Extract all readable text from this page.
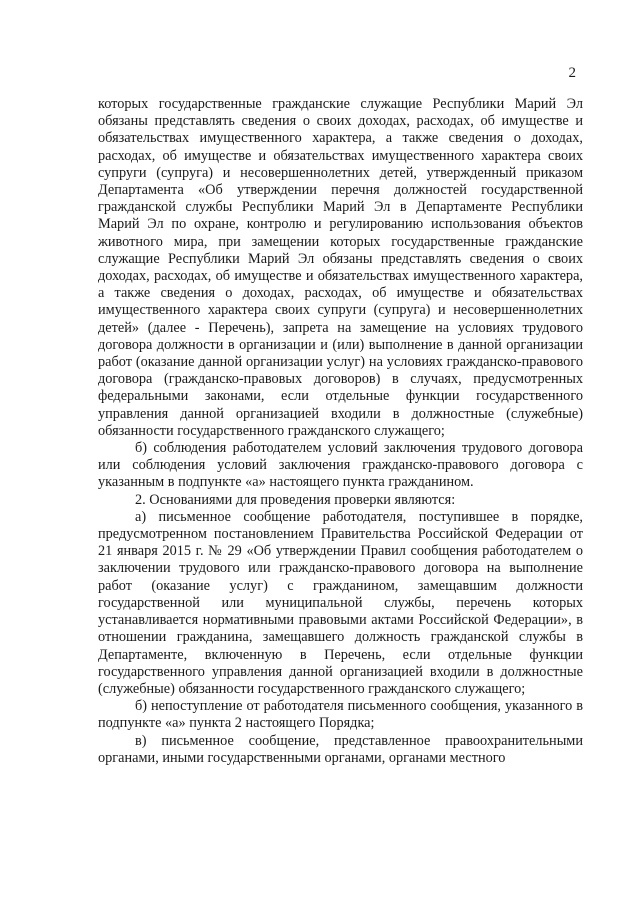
2

которых государственные гражданские служащие Республики Марий Эл обязаны представлять сведения о своих доходах, расходах, об имуществе и обязательствах имущественного характера, а также сведения о доходах, расходах, об имуществе и обязательствах имущественного характера своих супруги (супруга) и несовершеннолетних детей, утвержденный приказом Департамента «Об утверждении перечня должностей государственной гражданской службы Республики Марий Эл в Департаменте Республики Марий Эл по охране, контролю и регулированию использования объектов животного мира, при замещении которых государственные гражданские служащие Республики Марий Эл обязаны представлять сведения о своих доходах, расходах, об имуществе и обязательствах имущественного характера, а также сведения о доходах, расходах, об имуществе и обязательствах имущественного характера своих супруги (супруга) и несовершеннолетних детей» (далее - Перечень), запрета на замещение на условиях трудового договора должности в организации и (или) выполнение в данной организации работ (оказание данной организации услуг) на условиях гражданско-правового договора (гражданско-правовых договоров) в случаях, предусмотренных федеральными законами, если отдельные функции государственного управления данной организацией входили в должностные (служебные) обязанности государственного гражданского служащего;

б) соблюдения работодателем условий заключения трудового договора или соблюдения условий заключения гражданско-правового договора с указанным в подпункте «а» настоящего пункта гражданином.

2. Основаниями для проведения проверки являются:

а) письменное сообщение работодателя, поступившее в порядке, предусмотренном постановлением Правительства Российской Федерации от 21 января 2015 г. № 29 «Об утверждении Правил сообщения работодателем о заключении трудового или гражданско-правового договора на выполнение работ (оказание услуг) с гражданином, замещавшим должности государственной или муниципальной службы, перечень которых устанавливается нормативными правовыми актами Российской Федерации», в отношении гражданина, замещавшего должность гражданской службы в Департаменте, включенную в Перечень, если отдельные функции государственного управления данной организацией входили в должностные (служебные) обязанности государственного гражданского служащего;

б) непоступление от работодателя письменного сообщения, указанного в подпункте «а» пункта 2 настоящего Порядка;

в) письменное сообщение, представленное правоохранительными органами, иными государственными органами, органами местного
